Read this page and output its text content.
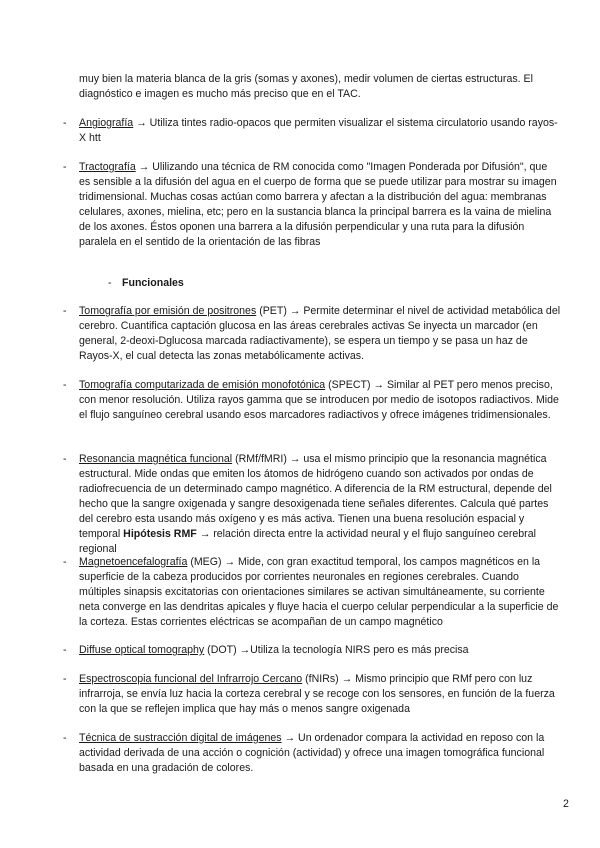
muy bien la materia blanca de la gris (somas y axones), medir volumen de ciertas estructuras. El diagnóstico e imagen es mucho más preciso que en el TAC.

-	Angiografía → Utiliza tintes radio-opacos que permiten visualizar el sistema circulatorio usando rayos-X htt

-	Tractografía → Ulilizando una técnica de RM conocida como "Imagen Ponderada por Difusión", que es sensible a la difusión del agua en el cuerpo de forma que se puede utilizar para mostrar su imagen tridimensional. Muchas cosas actúan como barrera y afectan a la distribución del agua: membranas celulares, axones, mielina, etc; pero en la sustancia blanca la principal barrera es la vaina de mielina de los axones. Éstos oponen una barrera a la difusión perpendicular y una ruta para la difusión paralela en el sentido de la orientación de las fibras

- Funcionales
-	Tomografía por emisión de positrones (PET) → Permite determinar el nivel de actividad metabólica del cerebro. Cuantifica captación glucosa en las áreas cerebrales activas Se inyecta un marcador (en general, 2-deoxi-Dglucosa marcada radiactivamente), se espera un tiempo y se pasa un haz de Rayos-X, el cual detecta las zonas metabólicamente activas.

-	Tomografía computarizada de emisión monofotónica (SPECT) → Similar al PET pero menos preciso, con menor resolución. Utiliza rayos gamma que se introducen por medio de isotopos radiactivos. Mide el flujo sanguíneo cerebral usando esos marcadores radiactivos y ofrece imágenes tridimensionales.

-	Resonancia magnética funcional (RMf/fMRI) → usa el mismo principio que la resonancia magnética estructural. Mide ondas que emiten los átomos de hidrógeno cuando son activados por ondas de radiofrecuencia de un determinado campo magnético. A diferencia de la RM estructural, depende del hecho que la sangre oxigenada y sangre desoxigenada tiene señales diferentes. Calcula qué partes del cerebro esta usando más oxígeno y es más activa. Tienen una buena resolución espacial y temporal Hipótesis RMF → relación directa entre la actividad neural y el flujo sanguíneo cerebral regional

-	Magnetoencefalografía (MEG) → Mide, con gran exactitud temporal, los campos magnéticos en la superficie de la cabeza producidos por corrientes neuronales en regiones cerebrales. Cuando múltiples sinapsis excitatorias con orientaciones similares se activan simultáneamente, su corriente neta converge en las dendritas apicales y fluye hacia el cuerpo celular perpendicular a la superficie de la corteza. Estas corrientes eléctricas se acompañan de un campo magnético

-	Diffuse optical tomography (DOT) →Utiliza la tecnología NIRS pero es más precisa

-	Espectroscopia funcional del Infrarrojo Cercano (fNIRs) → Mismo principio que RMf pero con luz infrarroja, se envía luz hacia la corteza cerebral y se recoge con los sensores, en función de la fuerza con la que se reflejen implica que hay más o menos sangre oxigenada

-	Técnica de sustracción digital de imágenes → Un ordenador compara la actividad en reposo con la actividad derivada de una acción o cognición (actividad) y ofrece una imagen tomográfica funcional basada en una gradación de colores.

2
